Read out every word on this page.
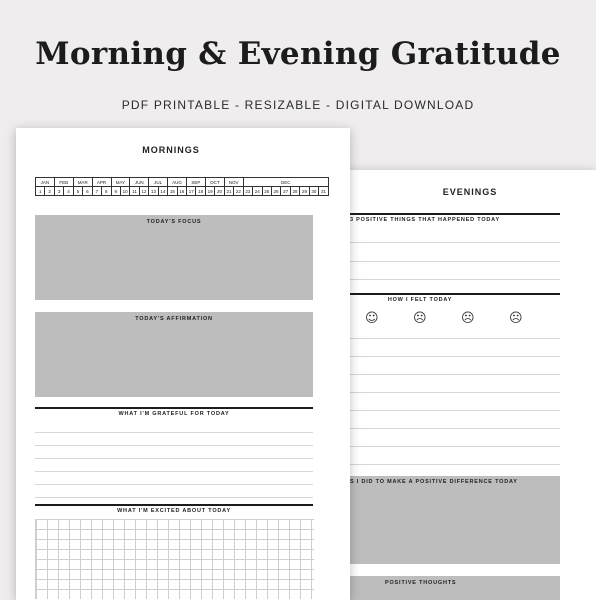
Morning & Evening Gratitude
PDF PRINTABLE - RESIZABLE - DIGITAL DOWNLOAD
EVENINGS
3 POSITIVE THINGS THAT HAPPENED TODAY
HOW I FELT TODAY
☺	☹	☹	☹
S I DID TO MAKE A POSITIVE DIFFERENCE TODAY
POSITIVE THOUGHTS
MORNINGS
JAN		FEB		MAR		APR		MAY		JUN		JUL		AUG		SEP		OCT		NOV		DEC								
1	2	3	4	5	6	7	8	9	10	11	12	13	14	15	16	17	18	19	20	21	22	23	24	25	26	27	28	29	30	31
TODAY'S FOCUS
TODAY'S AFFIRMATION
WHAT I'M GRATEFUL FOR TODAY
WHAT I'M EXCITED ABOUT TODAY
